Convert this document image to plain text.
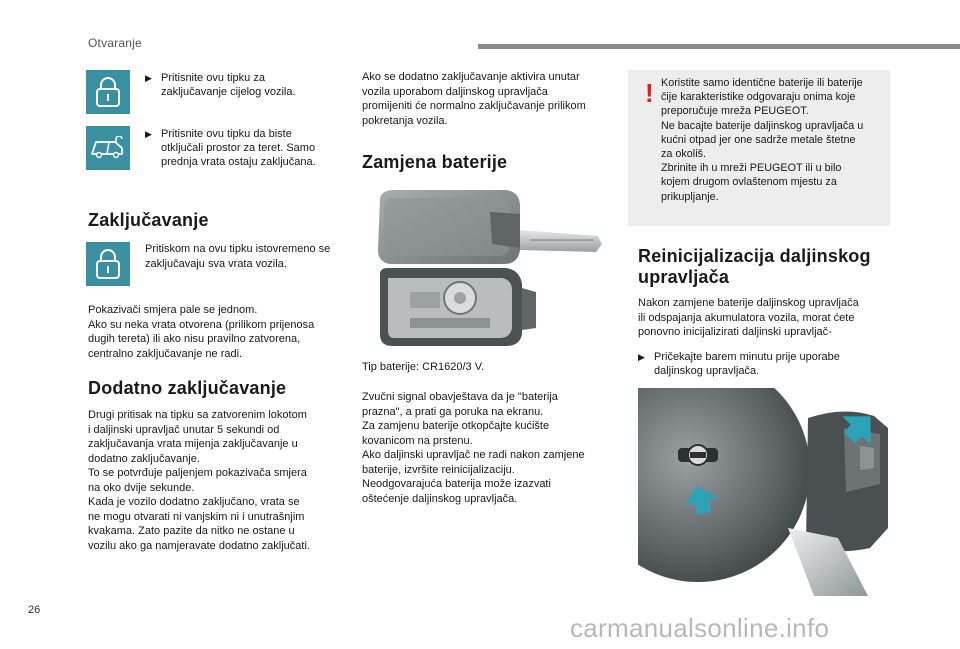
Otvaranje
▶ Pritisnite ovu tipku za zaključavanje cijelog vozila.
▶ Pritisnite ovu tipku da biste otključali prostor za teret. Samo prednja vrata ostaju zaključana.
Zaključavanje
Pritiskom na ovu tipku istovremeno se zaključavaju sva vrata vozila.
Pokazivači smjera pale se jednom.
Ako su neka vrata otvorena (prilikom prijenosa
dugih tereta) ili ako nisu pravilno zatvorena,
centralno zaključavanje ne radi.
Dodatno zaključavanje
Drugi pritisak na tipku sa zatvorenim lokotom
i daljinski upravljač unutar 5 sekundi od
zaključavanja vrata mijenja zaključavanje u
dodatno zaključavanje.
To se potvrđuje paljenjem pokazivača smjera
na oko dvije sekunde.
Kada je vozilo dodatno zaključano, vrata se
ne mogu otvarati ni vanjskim ni i unutrašnjim
kvakama. Zato pazite da nitko ne ostane u
vozilu ako ga namjeravate dodatno zaključati.
Ako se dodatno zaključavanje aktivira unutar
vozila uporabom daljinskog upravljača
promijeniti će normalno zaključavanje prilikom
pokretanja vozila.
Zamjena baterije
Tip baterije: CR1620/3 V.
Zvučni signal obavještava da je "baterija
prazna", a prati ga poruka na ekranu.
Za zamjenu baterije otkopčajte kućište
kovanicom na prstenu.
Ako daljinski upravljač ne radi nakon zamjene
baterije, izvršite reinicijalizaciju.
Neodgovarajuća baterija može izazvati
oštećenje daljinskog upravljača.
! Koristite samo identične baterije ili baterije
čije karakteristike odgovaraju onima koje
preporučuje mreža PEUGEOT.
Ne bacajte baterije daljinskog upravljača u
kućni otpad jer one sadrže metale štetne
za okoliš.
Zbrinite ih u mreži PEUGEOT ili u bilo
kojem drugom ovlaštenom mjestu za
prikupljanje.
Reinicijalizacija daljinskog
upravljača
Nakon zamjene baterije daljinskog upravljača
ili odspajanja akumulatora vozila, morat ćete
ponovno inicijalizirati daljinski upravljač-
▶ Pričekajte barem minutu prije uporabe daljinskog upravljača.
26
carmanualsonline.info
